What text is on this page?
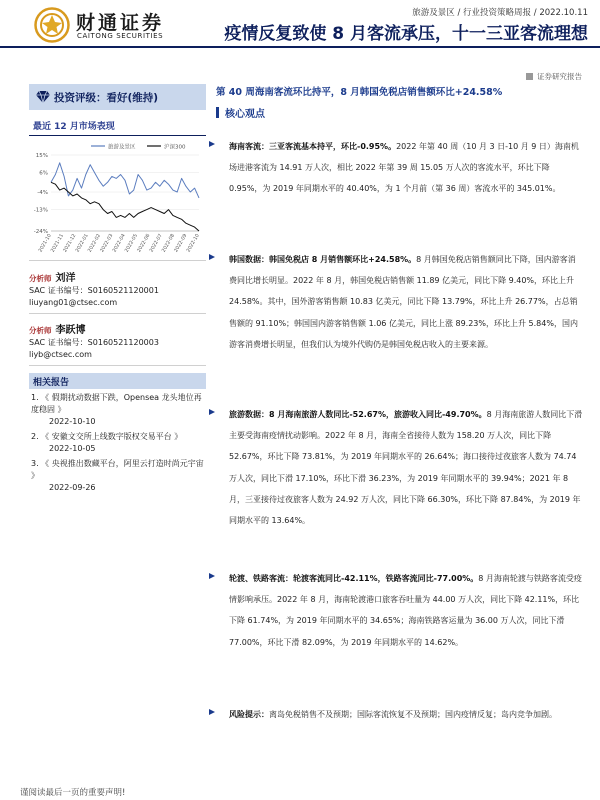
财通证券
CAITONG SECURITIES
旅游及景区 / 行业投资策略周报 / 2022.10.11
疫情反复致使 8 月客流承压，十一三亚客流理想
证券研究报告
投资评级：看好(维持)
最近 12 月市场表现
旅游及景区	沪深300
15%
6%
-4%
-13%
-24%
2021-10
2021-11
2021-12
2022-01
2022-02
2022-03
2022-04
2022-05
2022-06
2022-07
2022-08
2022-09
2022-10
分析师 刘洋
SAC 证书编号：S0160521120001
liuyang01@ctsec.com
分析师 李跃博
SAC 证书编号：S0160521120003
liyb@ctsec.com
相关报告
1. 《 假期扰动数据下跌，Opensea 龙头地位再度稳固 》
2022-10-10
2. 《 安徽文交所上线数字版权交易平台 》
2022-10-05
3. 《 央视推出数藏平台，阿里云打造时尚元宇宙 》
2022-09-26
第 40 周海南客流环比持平，8 月韩国免税店销售额环比+24.58%
核心观点
海南客流：三亚客流基本持平，环比-0.95%。2022 年第 40 周（10 月 3 日-10 月 9 日）海南机场进港客流为 14.91 万人次，相比 2022 年第 39 周 15.05 万人次的客流水平，环比下降 0.95%，为 2019 年同期水平的 40.40%，为 1 个月前（第 36 周）客流水平的 345.01%。
韩国数据：韩国免税店 8 月销售额环比+24.58%。8 月韩国免税店销售额同比下降，国内游客消费同比增长明显。2022 年 8 月，韩国免税店销售额 11.89 亿美元，同比下降 9.40%，环比上升 24.58%。其中，国外游客销售额 10.83 亿美元，同比下降 13.79%，环比上升 26.77%，占总销售额的 91.10%；韩国国内游客销售额 1.06 亿美元，同比上涨 89.23%，环比上升 5.84%，国内游客消费增长明显，但我们认为境外代购仍是韩国免税店收入的主要来源。
旅游数据：8 月海南旅游人数同比-52.67%，旅游收入同比-49.70%。8 月海南旅游人数同比下滑主要受海南疫情扰动影响。2022 年 8 月，海南全省接待人数为 158.20 万人次，同比下降 52.67%，环比下降 73.81%，为 2019 年同期水平的 26.64%；海口接待过夜旅客人数为 74.74 万人次，同比下滑 17.10%，环比下滑 36.23%，为 2019 年同期水平的 39.94%；2021 年 8 月，三亚接待过夜旅客人数为 24.92 万人次，同比下降 66.30%，环比下降 87.84%，为 2019 年同期水平的 13.64%。
轮渡、铁路客流：轮渡客流同比-42.11%，铁路客流同比-77.00%。8 月海南轮渡与铁路客流受疫情影响承压。2022 年 8 月，海南轮渡港口旅客吞吐量为 44.00 万人次，同比下降 42.11%，环比下降 61.74%，为 2019 年同期水平的 34.65%；海南铁路客运量为 36.00 万人次，同比下滑 77.00%，环比下滑 82.09%，为 2019 年同期水平的 14.62%。
风险提示：离岛免税销售不及预期；国际客流恢复不及预期；国内疫情反复；岛内竞争加剧。
谨阅读最后一页的重要声明!
